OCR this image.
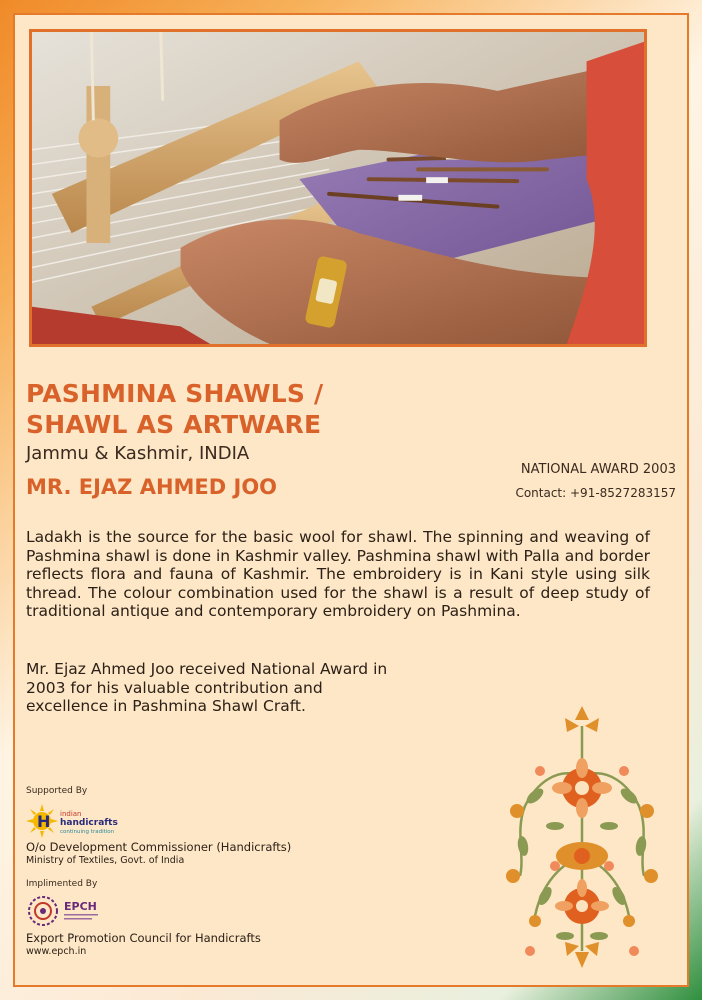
PASHMINA SHAWLS /
SHAWL AS ARTWARE
Jammu & Kashmir, INDIA
MR. EJAZ AHMED JOO
NATIONAL AWARD 2003
Contact: +91-8527283157
Ladakh is the source for the basic wool for shawl. The spinning and weaving of Pashmina shawl is done in Kashmir valley. Pashmina shawl with Palla and border reflects flora and fauna of Kashmir. The embroidery is in Kani style using silk thread. The colour combination used for the shawl is a result of deep study of traditional antique and contemporary embroidery on Pashmina.
Mr. Ejaz Ahmed Joo received National Award in 2003 for his valuable contribution and excellence in Pashmina Shawl Craft.
Supported By
H indian
handicrafts
continuing tradition
O/o Development Commissioner (Handicrafts)
Ministry of Textiles, Govt. of India
Implimented By
EPCH
Export Promotion Council for Handicrafts
www.epch.in
